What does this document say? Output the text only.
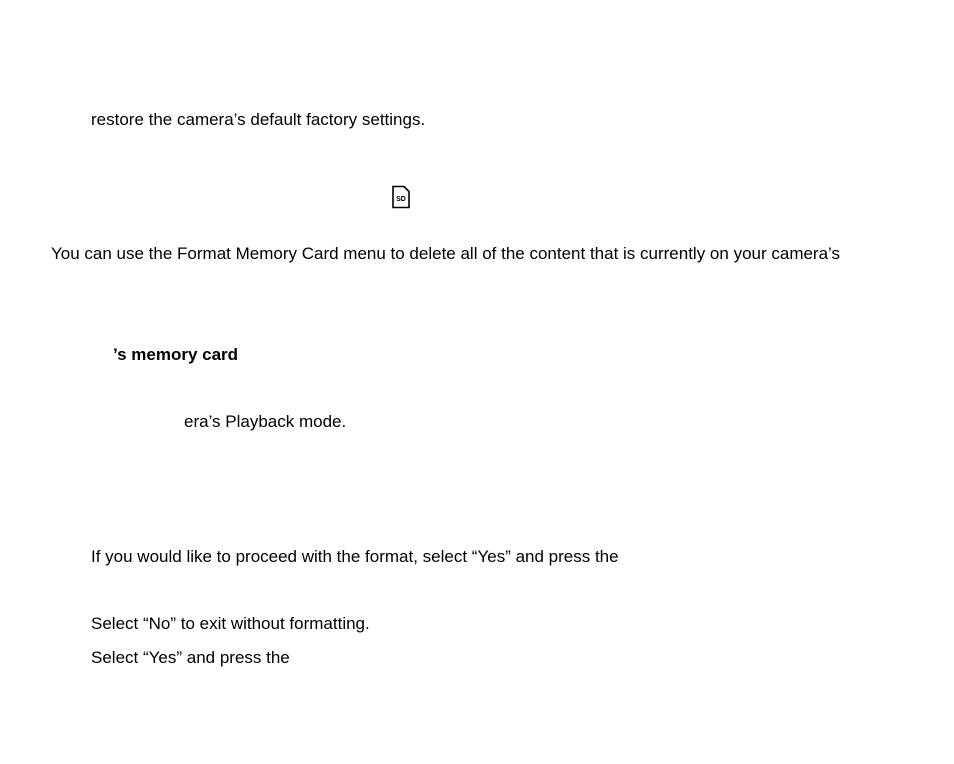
restore the camera’s default factory settings.
SD
You can use the Format Memory Card menu to delete all of the content that is currently on your camera’s
’s memory card
era’s Playback mode.
If you would like to proceed with the format, select “Yes” and press the
Select “No” to exit without formatting.
Select “Yes” and press the
